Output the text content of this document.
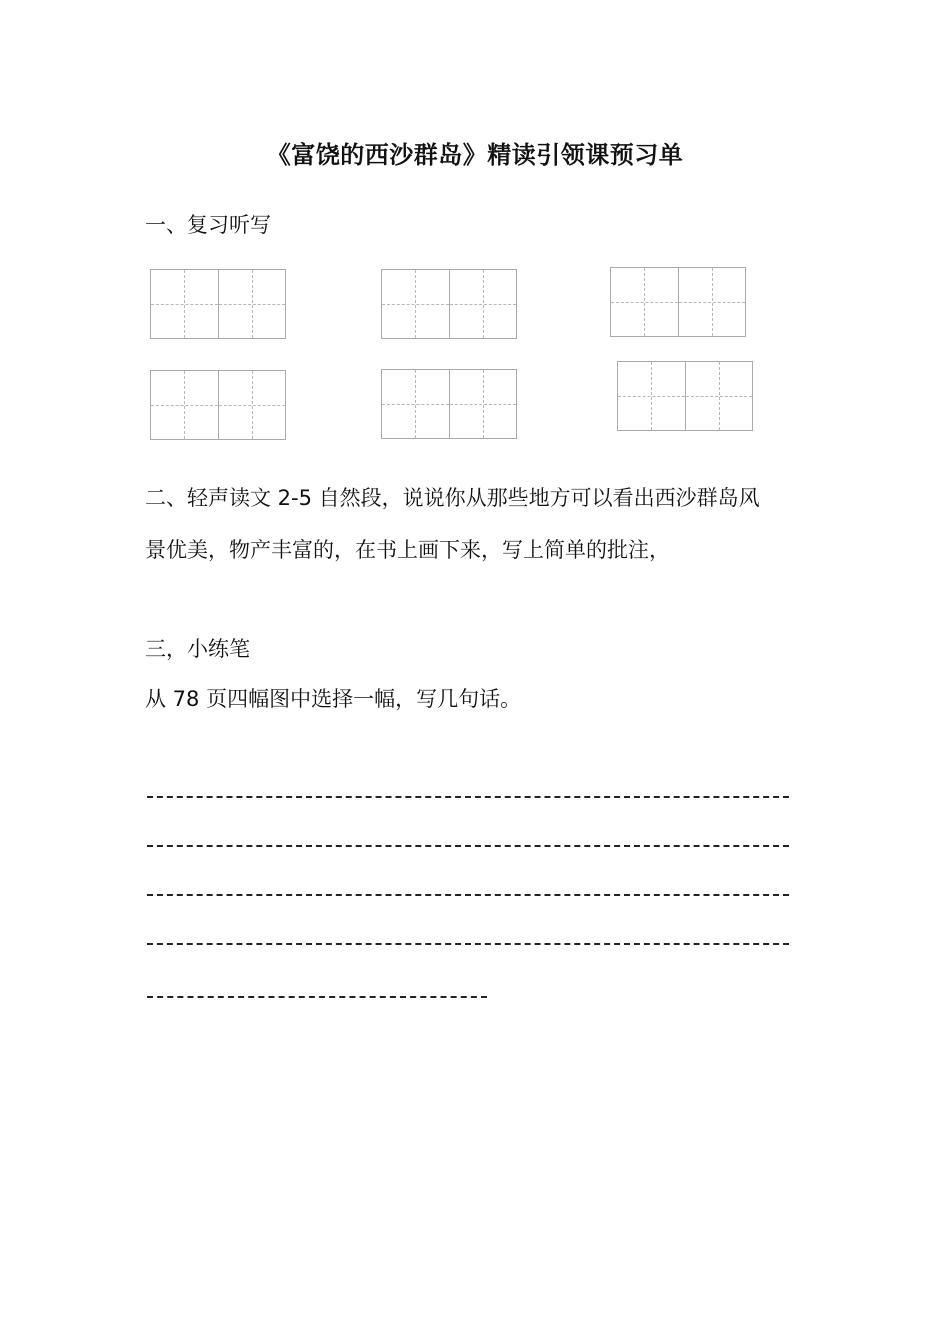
《富饶的西沙群岛》精读引领课预习单
一、复习听写
二、轻声读文 2-5 自然段，说说你从那些地方可以看出西沙群岛风
景优美，物产丰富的，在书上画下来，写上简单的批注，
三，小练笔
从 78 页四幅图中选择一幅，写几句话。
